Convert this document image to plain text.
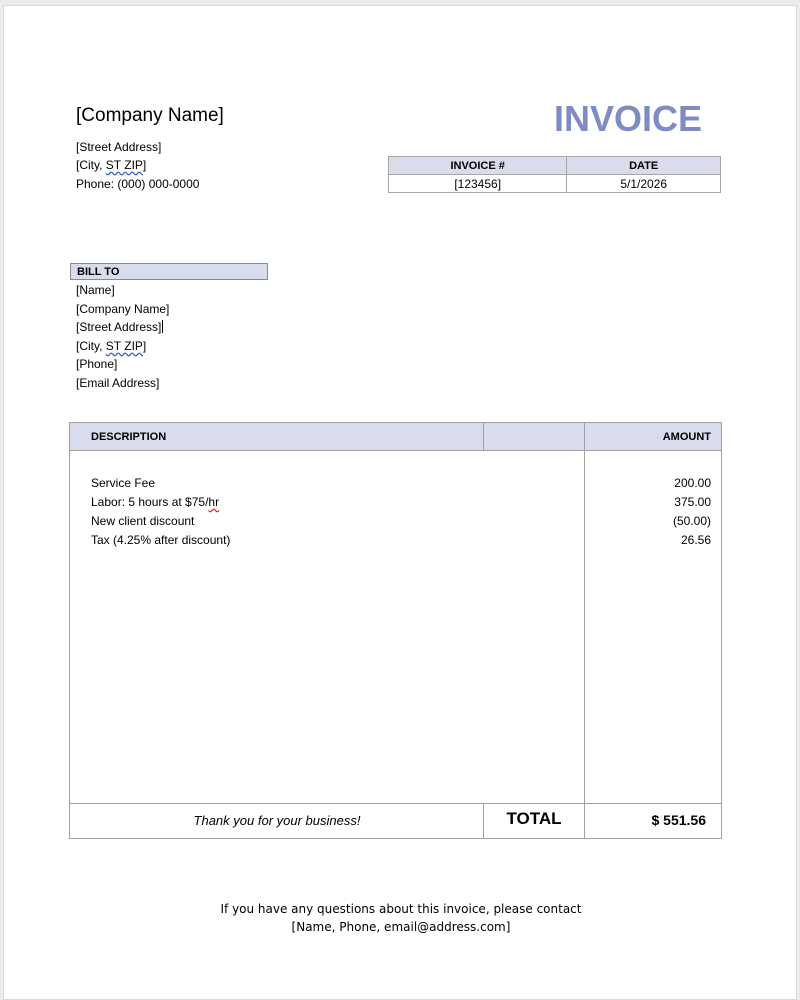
[Company Name]
[Street Address]
[City, ST ZIP]
Phone: (000) 000-0000
INVOICE
INVOICE #	DATE
[123456]	5/1/2026
BILL TO
[Name]
[Company Name]
[Street Address]
[City, ST ZIP]
[Phone]
[Email Address]
DESCRIPTION	AMOUNT
Service Fee	200.00
Labor: 5 hours at $75/hr	375.00
New client discount	(50.00)
Tax (4.25% after discount)	26.56
Thank you for your business!	TOTAL	$ 551.56
If you have any questions about this invoice, please contact
[Name, Phone, email@address.com]
